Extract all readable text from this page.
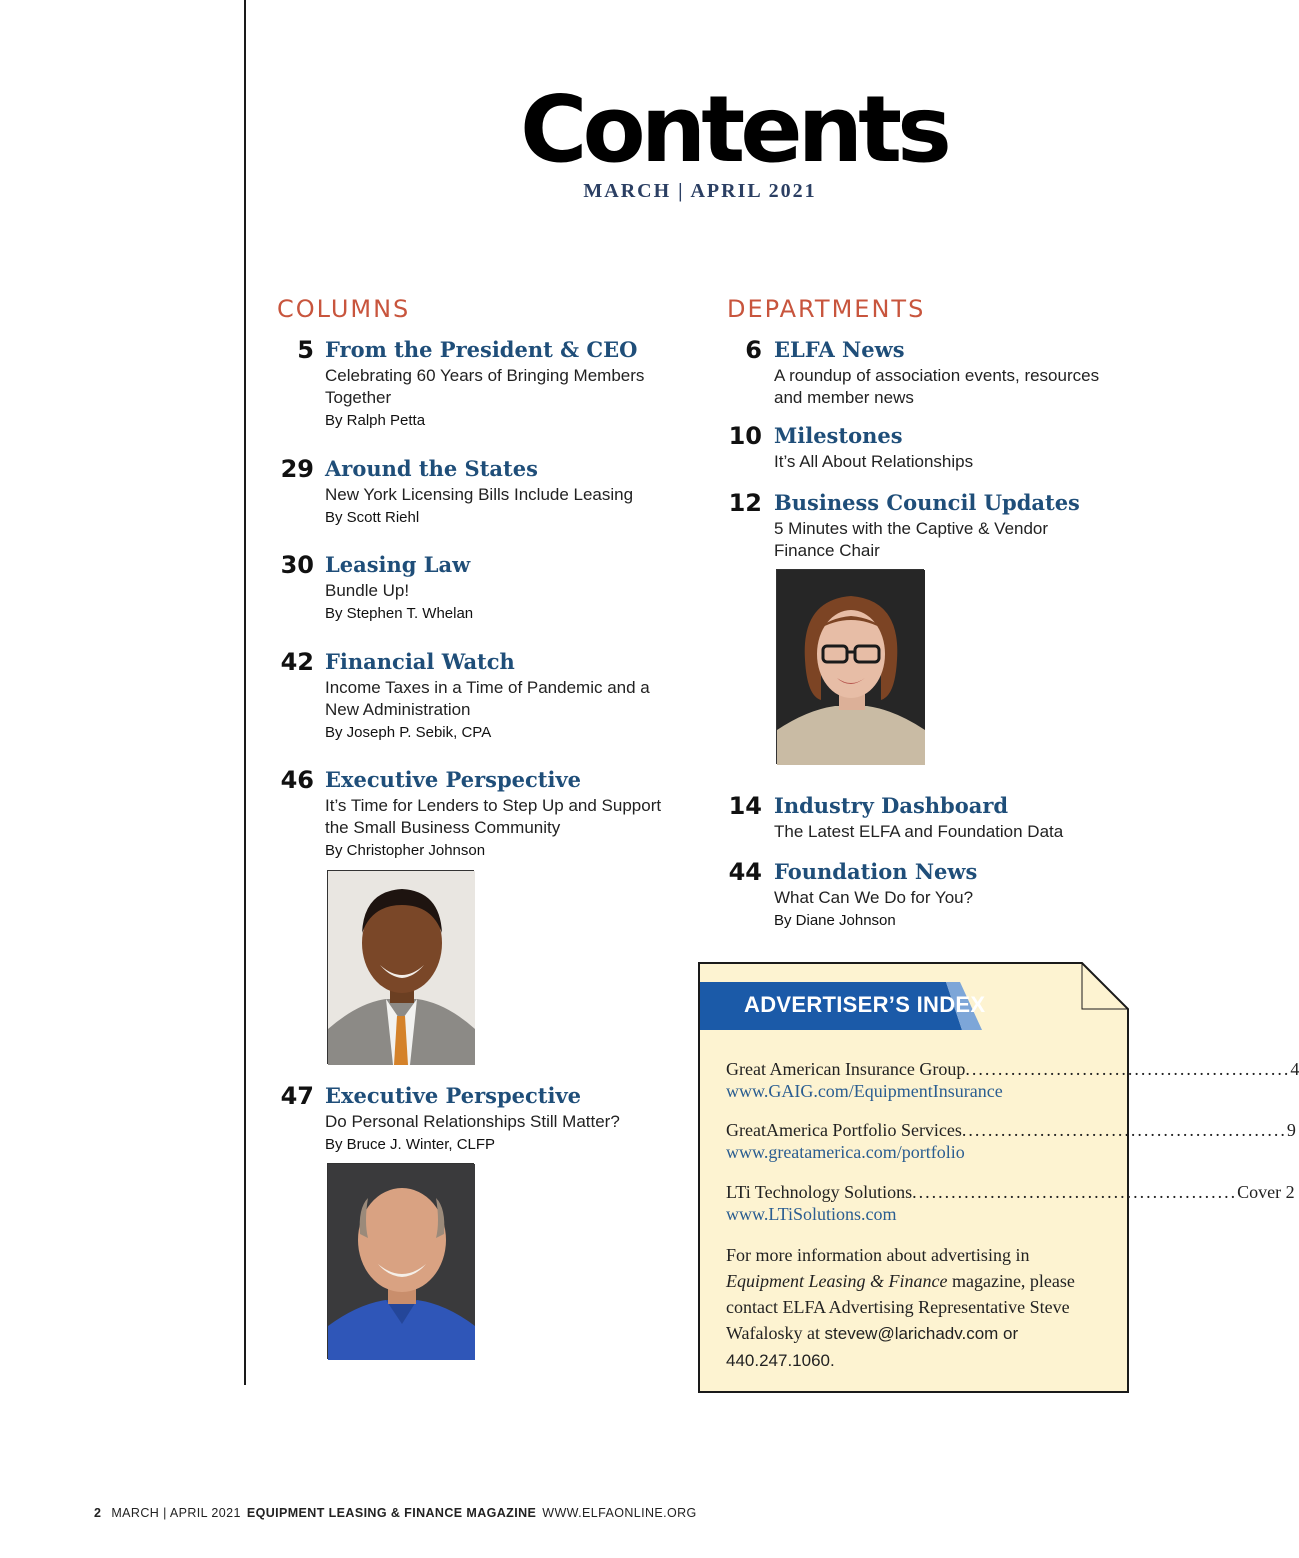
Contents
MARCH | APRIL 2021
COLUMNS
5 From the President & CEO
Celebrating 60 Years of Bringing Members Together
By Ralph Petta
29 Around the States
New York Licensing Bills Include Leasing
By Scott Riehl
30 Leasing Law
Bundle Up!
By Stephen T. Whelan
42 Financial Watch
Income Taxes in a Time of Pandemic and a New Administration
By Joseph P. Sebik, CPA
46 Executive Perspective
It’s Time for Lenders to Step Up and Support the Small Business Community
By Christopher Johnson
47 Executive Perspective
Do Personal Relationships Still Matter?
By Bruce J. Winter, CLFP
DEPARTMENTS
6 ELFA News
A roundup of association events, resources and member news
10 Milestones
It’s All About Relationships
12 Business Council Updates
5 Minutes with the Captive & Vendor Finance Chair
14 Industry Dashboard
The Latest ELFA and Foundation Data
44 Foundation News
What Can We Do for You?
By Diane Johnson
ADVERTISER’S INDEX
Great American Insurance Group .................................................. 4
www.GAIG.com/EquipmentInsurance
GreatAmerica Portfolio Services .................................................. 9
www.greatamerica.com/portfolio
LTi Technology Solutions .................................................. Cover 2
www.LTiSolutions.com
For more information about advertising in Equipment Leasing & Finance magazine, please contact ELFA Advertising Representative Steve Wafalosky at stevew@larichadv.com or 440.247.1060.
2 MARCH | APRIL 2021 EQUIPMENT LEASING & FINANCE MAGAZINE WWW.ELFAONLINE.ORG
